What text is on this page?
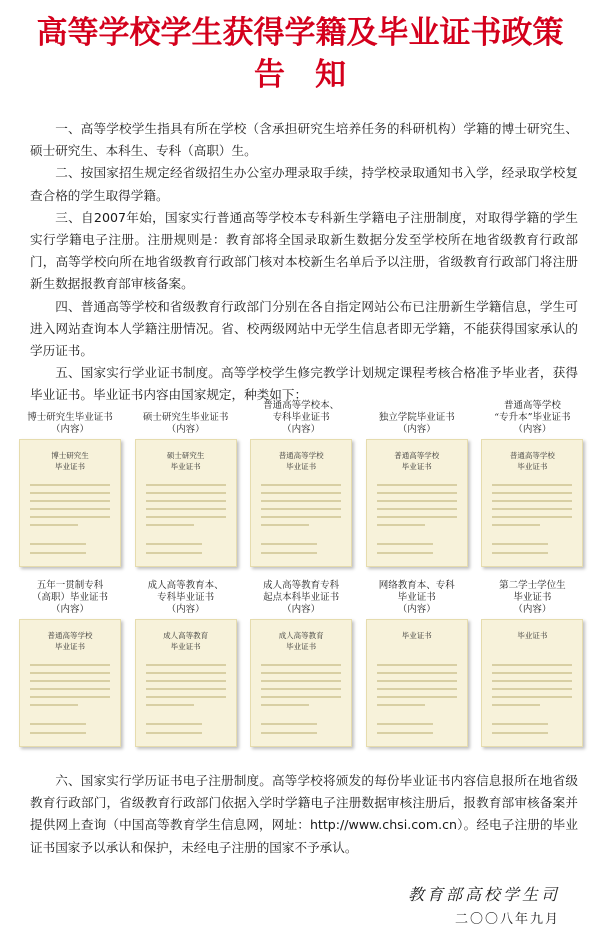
高等学校学生获得学籍及毕业证书政策
告知

一、高等学校学生指具有所在学校（含承担研究生培养任务的科研机构）学籍的博士研究生、硕士研究生、本科生、专科（高职）生。

二、按国家招生规定经省级招生办公室办理录取手续，持学校录取通知书入学，经录取学校复查合格的学生取得学籍。

三、自2007年始，国家实行普通高等学校本专科新生学籍电子注册制度，对取得学籍的学生实行学籍电子注册。注册规则是：教育部将全国录取新生数据分发至学校所在地省级教育行政部门，高等学校向所在地省级教育行政部门核对本校新生名单后予以注册，省级教育行政部门将注册新生数据报教育部审核备案。

四、普通高等学校和省级教育行政部门分别在各自指定网站公布已注册新生学籍信息，学生可进入网站查询本人学籍注册情况。省、校两级网站中无学生信息者即无学籍，不能获得国家承认的学历证书。

五、国家实行学业证书制度。高等学校学生修完教学计划规定课程考核合格准予毕业者，获得毕业证书。毕业证书内容由国家规定，种类如下：

博士研究生毕业证书
（内容）
博士研究生
毕业证书
硕士研究生毕业证书
（内容）
硕士研究生
毕业证书
普通高等学校本、
专科毕业证书
（内容）
普通高等学校
毕业证书
独立学院毕业证书
（内容）
普通高等学校
毕业证书
普通高等学校
“专升本”毕业证书
（内容）
普通高等学校
毕业证书
五年一贯制专科
（高职）毕业证书
（内容）
普通高等学校
毕业证书
成人高等教育本、
专科毕业证书
（内容）
成人高等教育
毕业证书
成人高等教育专科
起点本科毕业证书
（内容）
成人高等教育
毕业证书
网络教育本、专科
毕业证书
（内容）
毕业证书
第二学士学位生
毕业证书
（内容）
毕业证书

六、国家实行学历证书电子注册制度。高等学校将颁发的每份毕业证书内容信息报所在地省级教育行政部门，省级教育行政部门依据入学时学籍电子注册数据审核注册后，报教育部审核备案并提供网上查询（中国高等教育学生信息网，网址：http://www.chsi.com.cn）。经电子注册的毕业证书国家予以承认和保护，未经电子注册的国家不予承认。

教育部高校学生司
二〇〇八年九月
